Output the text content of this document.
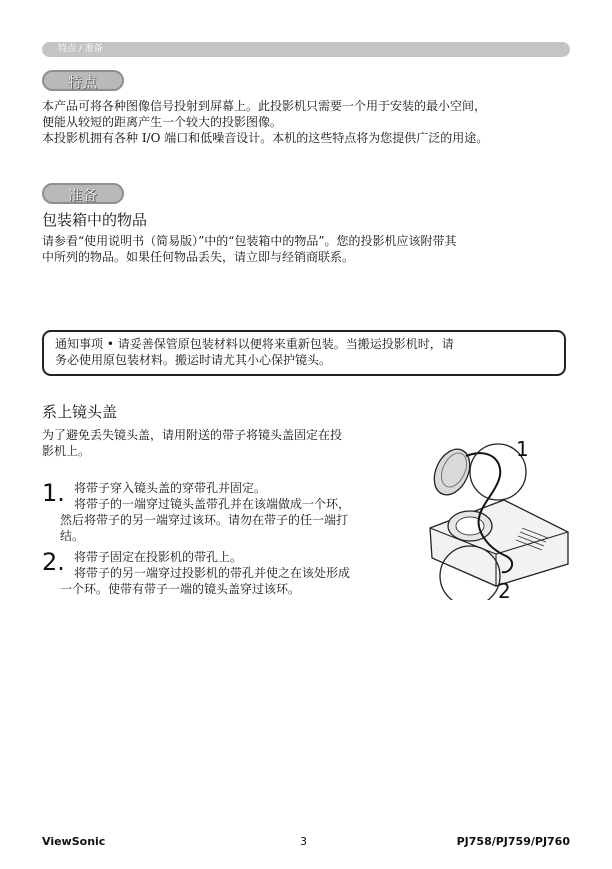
特点 / 准备
特点

本产品可将各种图像信号投射到屏幕上。此投影机只需要一个用于安装的最小空间，

便能从较短的距离产生一个较大的投影图像。

本投影机拥有各种 I/O 端口和低噪音设计。本机的这些特点将为您提供广泛的用途。

准备
包装箱中的物品

请参看“使用说明书（简易版）”中的“包装箱中的物品”。您的投影机应该附带其

中所列的物品。如果任何物品丢失，请立即与经销商联系。

通知事项 • 请妥善保管原包装材料以便将来重新包装。当搬运投影机时，请

务必使用原包装材料。搬运时请尤其小心保护镜头。

系上镜头盖

为了避免丢失镜头盖，请用附送的带子将镜头盖固定在投

影机上。

1. 将带子穿入镜头盖的穿带孔并固定。

将带子的一端穿过镜头盖带孔并在该端做成一个环，

然后将带子的另一端穿过该环。请勿在带子的任一端打

结。

2. 将带子固定在投影机的带孔上。

将带子的另一端穿过投影机的带孔并使之在该处形成

一个环。使带有带子一端的镜头盖穿过该环。

1
2
ViewSonic	3	PJ758/PJ759/PJ760
